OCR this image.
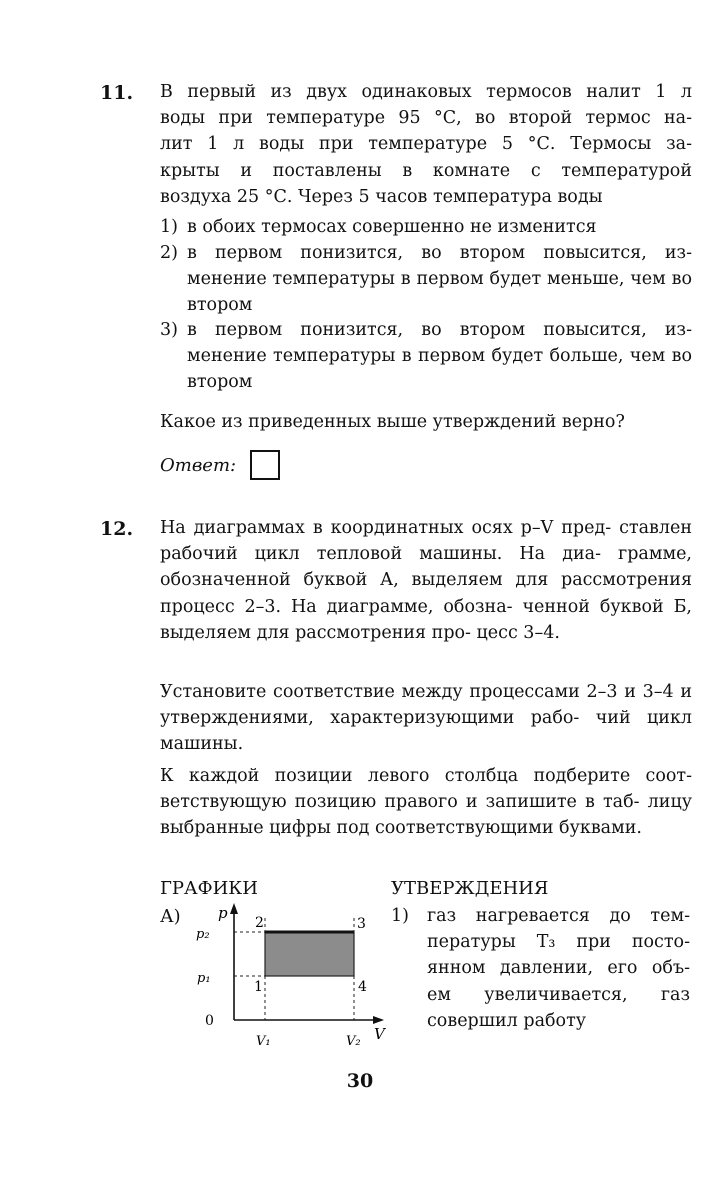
11. В первый из двух одинаковых термосов налит 1 л
воды при температуре 95 °С, во второй термос на-
лит 1 л воды при температуре 5 °С. Термосы за-
крыты и поставлены в комнате с температурой
воздуха 25 °С. Через 5 часов температура воды
1) в обоих термосах совершенно не изменится
2) в первом понизится, во втором повысится, из- менение температуры в первом будет меньше, чем во втором
3) в первом понизится, во втором повысится, из- менение температуры в первом будет больше, чем во втором
Какое из приведенных выше утверждений верно?
Ответ:
12. На диаграммах в координатных осях p–V пред- ставлен рабочий цикл тепловой машины. На диа- грамме, обозначенной буквой А, выделяем для рассмотрения процесс 2–3. На диаграмме, обозна- ченной буквой Б, выделяем для рассмотрения про- цесс 3–4.
Установите соответствие между процессами 2–3 и 3–4 и утверждениями, характеризующими рабо- чий цикл машины.
К каждой позиции левого столбца подберите соот- ветствующую позицию правого и запишите в таб- лицу выбранные цифры под соответствующими буквами.
ГРАФИКИ	УТВЕРЖДЕНИЯ
А) p
V
0
p₂
p₁
V₁	V₂
2	3
1	4
1) газ нагревается до тем- пературы T₃ при посто- янном давлении, его объ- ем увеличивается, газ совершил работу
30
